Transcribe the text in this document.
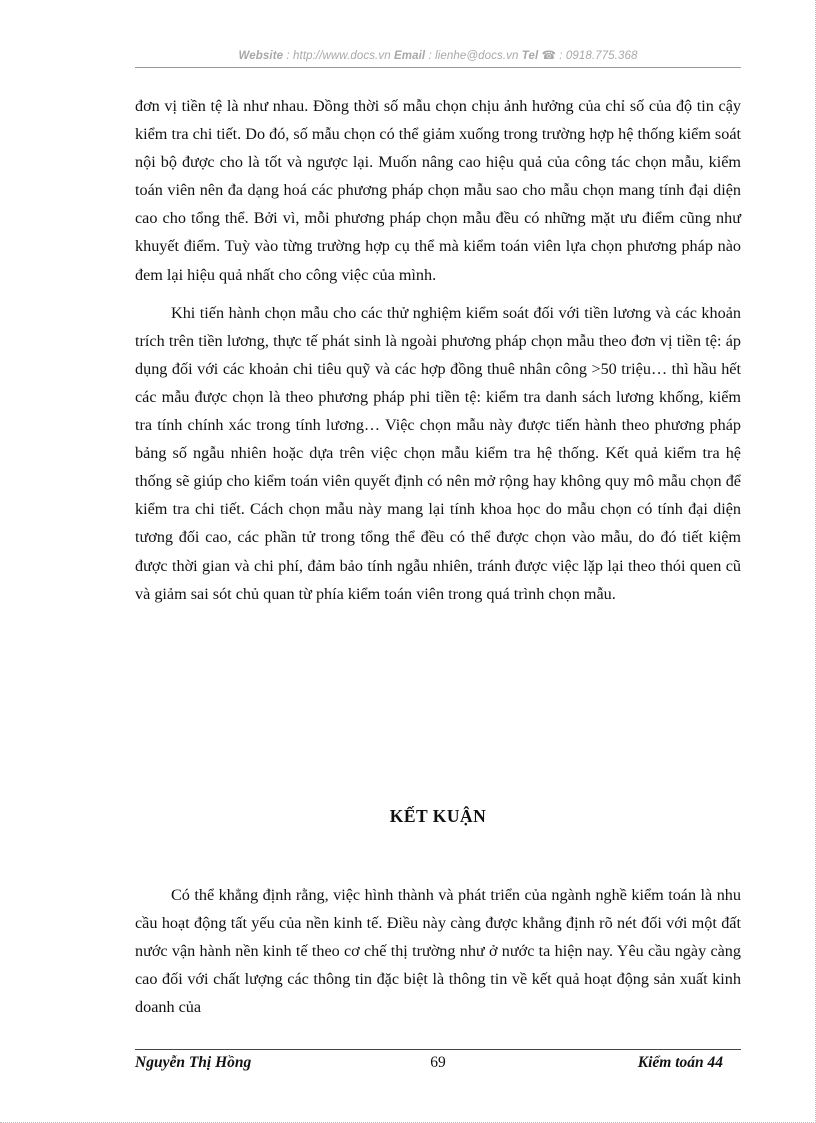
Website : http://www.docs.vn Email : lienhe@docs.vn Tel ☎ : 0918.775.368

đơn vị tiền tệ là như nhau. Đồng thời số mẫu chọn chịu ảnh hưởng của chỉ số của độ tin cậy kiểm tra chi tiết. Do đó, số mẫu chọn có thể giảm xuống trong trường hợp hệ thống kiểm soát nội bộ được cho là tốt và ngược lại. Muốn nâng cao hiệu quả của công tác chọn mẫu, kiểm toán viên nên đa dạng hoá các phương pháp chọn mẫu sao cho mẫu chọn mang tính đại diện cao cho tổng thể. Bởi vì, mỗi phương pháp chọn mẫu đều có những mặt ưu điểm cũng như khuyết điểm. Tuỳ vào từng trường hợp cụ thể mà kiểm toán viên lựa chọn phương pháp nào đem lại hiệu quả nhất cho công việc của mình.

Khi tiến hành chọn mẫu cho các thử nghiệm kiểm soát đối với tiền lương và các khoản trích trên tiền lương, thực tế phát sinh là ngoài phương pháp chọn mẫu theo đơn vị tiền tệ: áp dụng đối với các khoản chi tiêu quỹ và các hợp đồng thuê nhân công >50 triệu… thì hầu hết các mẫu được chọn là theo phương pháp phi tiền tệ: kiểm tra danh sách lương khống, kiểm tra tính chính xác trong tính lương… Việc chọn mẫu này được tiến hành theo phương pháp bảng số ngẫu nhiên hoặc dựa trên việc chọn mẫu kiểm tra hệ thống. Kết quả kiểm tra hệ thống sẽ giúp cho kiểm toán viên quyết định có nên mở rộng hay không quy mô mẫu chọn để kiểm tra chi tiết. Cách chọn mẫu này mang lại tính khoa học do mẫu chọn có tính đại diện tương đối cao, các phần tử trong tổng thể đều có thể được chọn vào mẫu, do đó tiết kiệm được thời gian và chi phí, đảm bảo tính ngẫu nhiên, tránh được việc lặp lại theo thói quen cũ và giảm sai sót chủ quan từ phía kiểm toán viên trong quá trình chọn mẫu.

KẾT KUẬN

Có thể khẳng định rằng, việc hình thành và phát triển của ngành nghề kiểm toán là nhu cầu hoạt động tất yếu của nền kinh tế. Điều này càng được khẳng định rõ nét đối với một đất nước vận hành nền kinh tế theo cơ chế thị trường như ở nước ta hiện nay. Yêu cầu ngày càng cao đối với chất lượng các thông tin đặc biệt là thông tin về kết quả hoạt động sản xuất kinh doanh của

Nguyễn Thị Hồng	69	Kiểm toán 44
